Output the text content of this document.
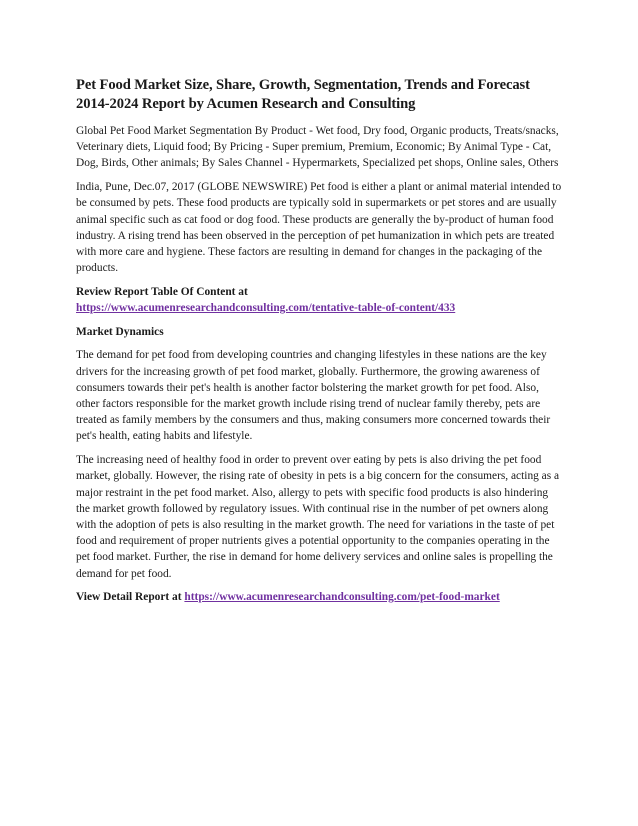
Pet Food Market Size, Share, Growth, Segmentation, Trends and Forecast 2014-2024 Report by Acumen Research and Consulting

Global Pet Food Market Segmentation By Product - Wet food, Dry food, Organic products, Treats/snacks, Veterinary diets, Liquid food; By Pricing - Super premium, Premium, Economic; By Animal Type - Cat, Dog, Birds, Other animals; By Sales Channel - Hypermarkets, Specialized pet shops, Online sales, Others

India, Pune, Dec.07, 2017 (GLOBE NEWSWIRE) Pet food is either a plant or animal material intended to be consumed by pets. These food products are typically sold in supermarkets or pet stores and are usually animal specific such as cat food or dog food. These products are generally the by-product of human food industry. A rising trend has been observed in the perception of pet humanization in which pets are treated with more care and hygiene. These factors are resulting in demand for changes in the packaging of the products.

Review Report Table Of Content at
https://www.acumenresearchandconsulting.com/tentative-table-of-content/433

Market Dynamics

The demand for pet food from developing countries and changing lifestyles in these nations are the key drivers for the increasing growth of pet food market, globally. Furthermore, the growing awareness of consumers towards their pet's health is another factor bolstering the market growth for pet food. Also, other factors responsible for the market growth include rising trend of nuclear family thereby, pets are treated as family members by the consumers and thus, making consumers more concerned towards their pet's health, eating habits and lifestyle.

The increasing need of healthy food in order to prevent over eating by pets is also driving the pet food market, globally. However, the rising rate of obesity in pets is a big concern for the consumers, acting as a major restraint in the pet food market. Also, allergy to pets with specific food products is also hindering the market growth followed by regulatory issues. With continual rise in the number of pet owners along with the adoption of pets is also resulting in the market growth. The need for variations in the taste of pet food and requirement of proper nutrients gives a potential opportunity to the companies operating in the pet food market. Further, the rise in demand for home delivery services and online sales is propelling the demand for pet food.

View Detail Report at https://www.acumenresearchandconsulting.com/pet-food-market
